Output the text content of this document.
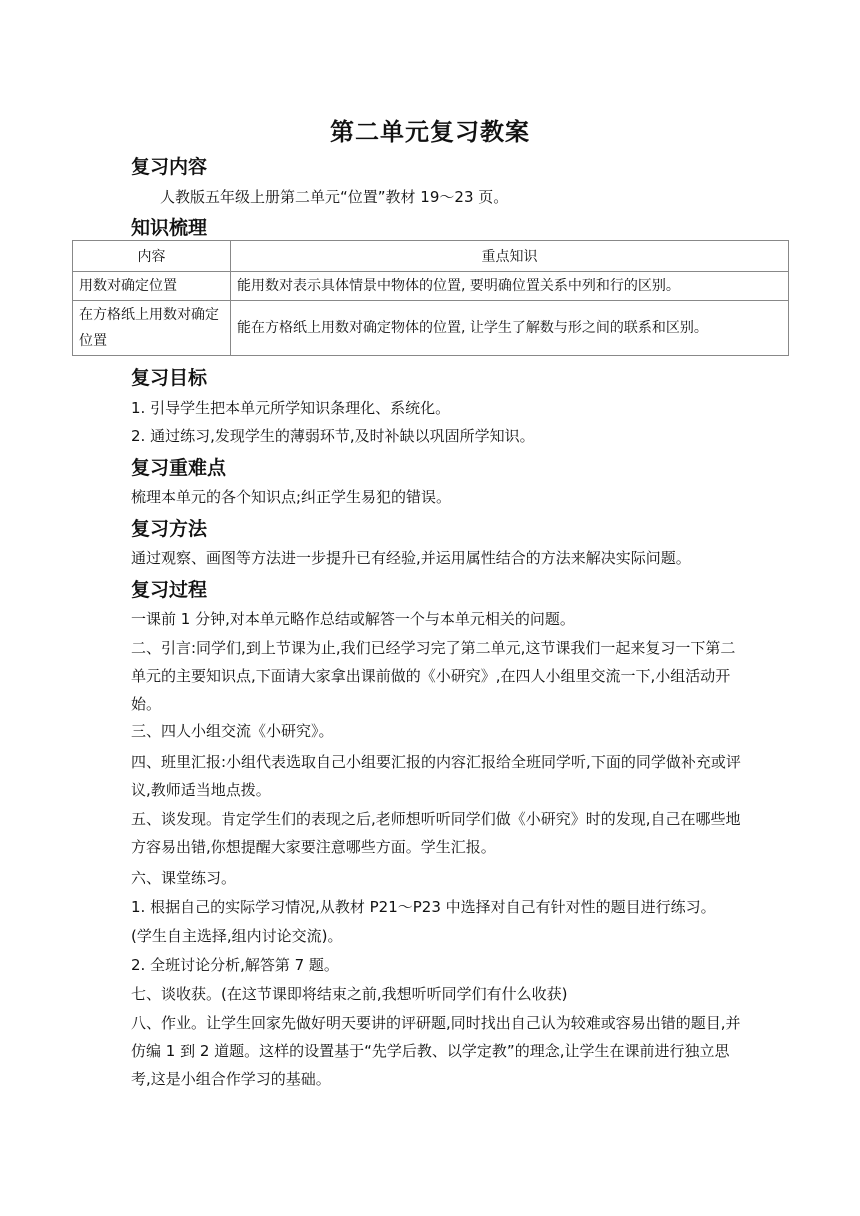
第二单元复习教案
复习内容
人教版五年级上册第二单元“位置”教材 19～23 页。
知识梳理
内容	重点知识
用数对确定位置	能用数对表示具体情景中物体的位置, 要明确位置关系中列和行的区别。
在方格纸上用数对确定位置	能在方格纸上用数对确定物体的位置, 让学生了解数与形之间的联系和区别。
复习目标
1. 引导学生把本单元所学知识条理化、系统化。
2. 通过练习,发现学生的薄弱环节,及时补缺以巩固所学知识。
复习重难点
梳理本单元的各个知识点;纠正学生易犯的错误。
复习方法
通过观察、画图等方法进一步提升已有经验,并运用属性结合的方法来解决实际问题。
复习过程
一课前 1 分钟,对本单元略作总结或解答一个与本单元相关的问题。
二、引言:同学们,到上节课为止,我们已经学习完了第二单元,这节课我们一起来复习一下第二单元的主要知识点,下面请大家拿出课前做的《小研究》,在四人小组里交流一下,小组活动开始。
三、四人小组交流《小研究》。
四、班里汇报:小组代表选取自己小组要汇报的内容汇报给全班同学听,下面的同学做补充或评议,教师适当地点拨。
五、谈发现。肯定学生们的表现之后,老师想听听同学们做《小研究》时的发现,自己在哪些地方容易出错,你想提醒大家要注意哪些方面。学生汇报。
六、课堂练习。
1. 根据自己的实际学习情况,从教材 P21～P23 中选择对自己有针对性的题目进行练习。
(学生自主选择,组内讨论交流)。
2. 全班讨论分析,解答第 7 题。
七、谈收获。(在这节课即将结束之前,我想听听同学们有什么收获)
八、作业。让学生回家先做好明天要讲的评研题,同时找出自己认为较难或容易出错的题目,并仿编 1 到 2 道题。这样的设置基于“先学后教、以学定教”的理念,让学生在课前进行独立思考,这是小组合作学习的基础。
